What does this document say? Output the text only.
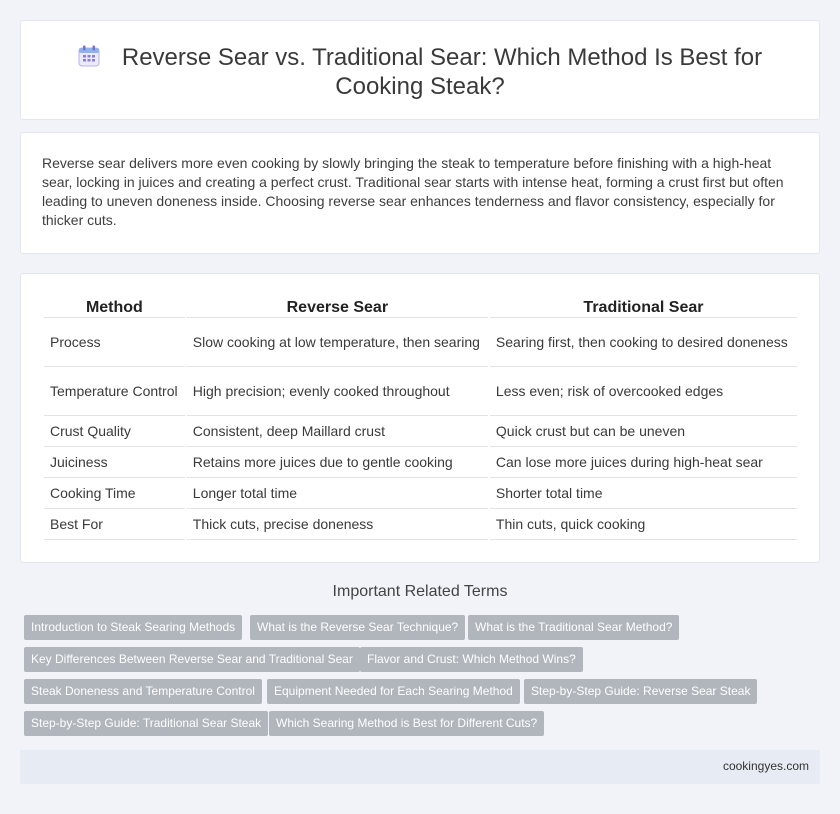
Reverse Sear vs. Traditional Sear: Which Method Is Best for Cooking Steak?

Reverse sear delivers more even cooking by slowly bringing the steak to temperature before finishing with a high-heat sear, locking in juices and creating a perfect crust. Traditional sear starts with intense heat, forming a crust first but often leading to uneven doneness inside. Choosing reverse sear enhances tenderness and flavor consistency, especially for thicker cuts.

Method	Reverse Sear	Traditional Sear
Process	Slow cooking at low temperature, then searing	Searing first, then cooking to desired doneness
Temperature Control	High precision; evenly cooked throughout	Less even; risk of overcooked edges
Crust Quality	Consistent, deep Maillard crust	Quick crust but can be uneven
Juiciness	Retains more juices due to gentle cooking	Can lose more juices during high-heat sear
Cooking Time	Longer total time	Shorter total time
Best For	Thick cuts, precise doneness	Thin cuts, quick cooking
Important Related Terms
Introduction to Steak Searing Methods	What is the Reverse Sear Technique?	What is the Traditional Sear Method?
Key Differences Between Reverse Sear and Traditional Sear	Flavor and Crust: Which Method Wins?
Steak Doneness and Temperature Control	Equipment Needed for Each Searing Method	Step-by-Step Guide: Reverse Sear Steak
Step-by-Step Guide: Traditional Sear Steak	Which Searing Method is Best for Different Cuts?
cookingyes.com
